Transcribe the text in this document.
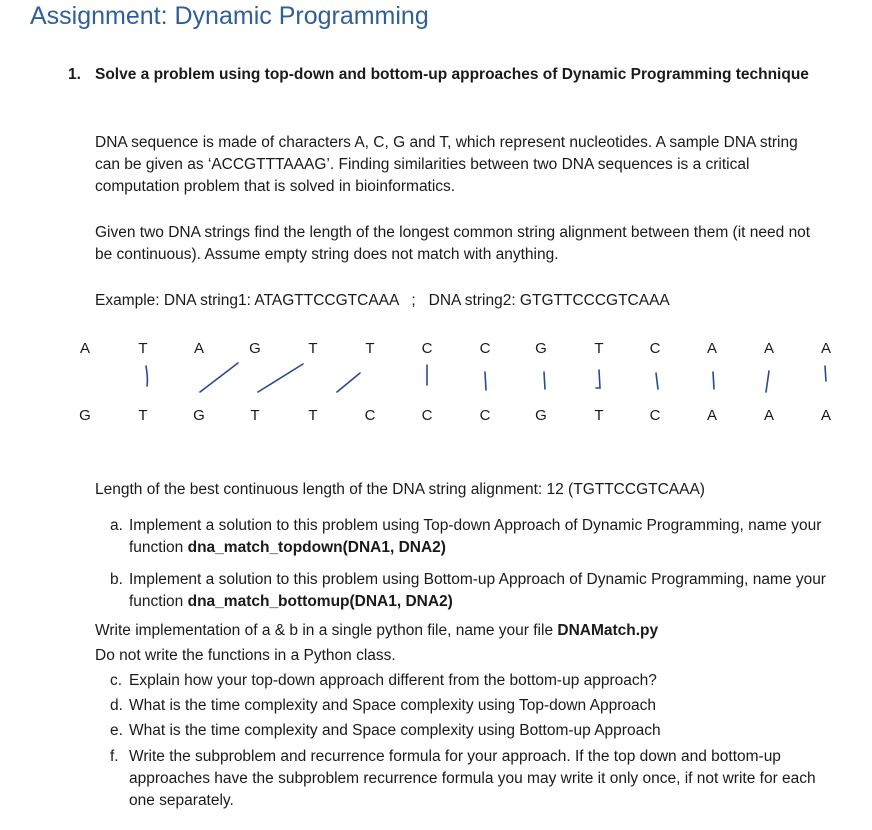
Assignment: Dynamic Programming
1. Solve a problem using top-down and bottom-up approaches of Dynamic Programming technique
DNA sequence is made of characters A, C, G and T, which represent nucleotides. A sample DNA string can be given as ‘ACCGTTTAAAG’. Finding similarities between two DNA sequences is a critical computation problem that is solved in bioinformatics.
Given two DNA strings find the length of the longest common string alignment between them (it need not be continuous). Assume empty string does not match with anything.
Example: DNA string1: ATAGTTCCGTCAAA   ;   DNA string2: GTGTTCCCGTCAAA
A	T	A	G	T	T	C	C	G	T	C	A	A	A
G	T	G	T	T	C	C	C	G	T	C	A	A	A
Length of the best continuous length of the DNA string alignment: 12 (TGTTCCGTCAAA)
a. Implement a solution to this problem using Top-down Approach of Dynamic Programming, name your function dna_match_topdown(DNA1, DNA2)
b. Implement a solution to this problem using Bottom-up Approach of Dynamic Programming, name your function dna_match_bottomup(DNA1, DNA2)
Write implementation of a & b in a single python file, name your file DNAMatch.py
Do not write the functions in a Python class.
c. Explain how your top-down approach different from the bottom-up approach?
d. What is the time complexity and Space complexity using Top-down Approach
e. What is the time complexity and Space complexity using Bottom-up Approach
f. Write the subproblem and recurrence formula for your approach. If the top down and bottom-up approaches have the subproblem recurrence formula you may write it only once, if not write for each one separately.
